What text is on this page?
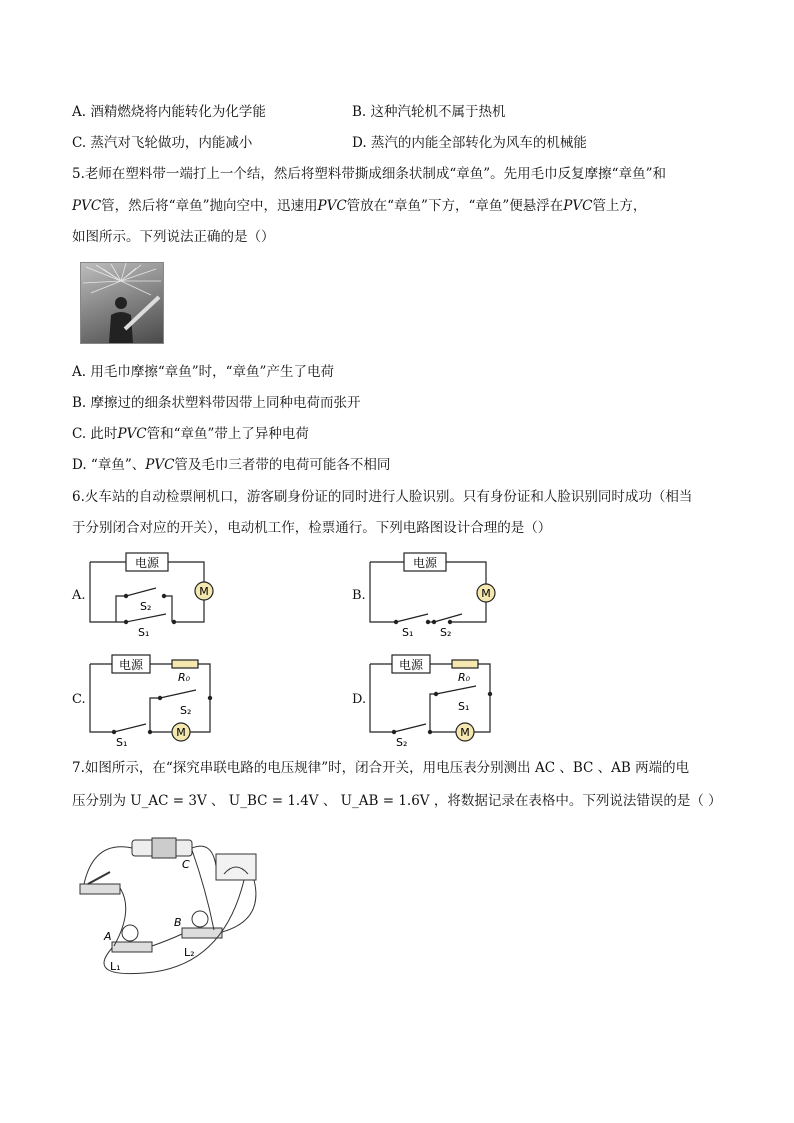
A. 酒精燃烧将内能转化为化学能	B. 这种汽轮机不属于热机
C. 蒸汽对飞轮做功，内能减小	D. 蒸汽的内能全部转化为风车的机械能
5.老师在塑料带一端打上一个结，然后将塑料带撕成细条状制成“章鱼”。先用毛巾反复摩擦“章鱼”和
PVC管，然后将“章鱼”抛向空中，迅速用PVC管放在“章鱼”下方，“章鱼”便悬浮在PVC管上方，
如图所示。下列说法正确的是（）
A. 用毛巾摩擦“章鱼”时，“章鱼”产生了电荷
B. 摩擦过的细条状塑料带因带上同种电荷而张开
C. 此时PVC管和“章鱼”带上了异种电荷
D. “章鱼”、PVC管及毛巾三者带的电荷可能各不相同
6.火车站的自动检票闸机口，游客刷身份证的同时进行人脸识别。只有身份证和人脸识别同时成功（相当
于分别闭合对应的开关），电动机工作，检票通行。下列电路图设计合理的是（）
A.
电源
M
S₂
S₁
B.
电源
M
S₁ S₂
C.
电源
R₀
M
S₂
S₁
D.
电源
R₀
M
S₁
S₂
7.如图所示，在“探究串联电路的电压规律”时，闭合开关，用电压表分别测出 AC 、BC 、AB 两端的电
压分别为 U_AC = 3V 、 U_BC = 1.4V 、 U_AB = 1.6V ，将数据记录在表格中。下列说法错误的是（ ）
C
A
B
L₁
L₂
